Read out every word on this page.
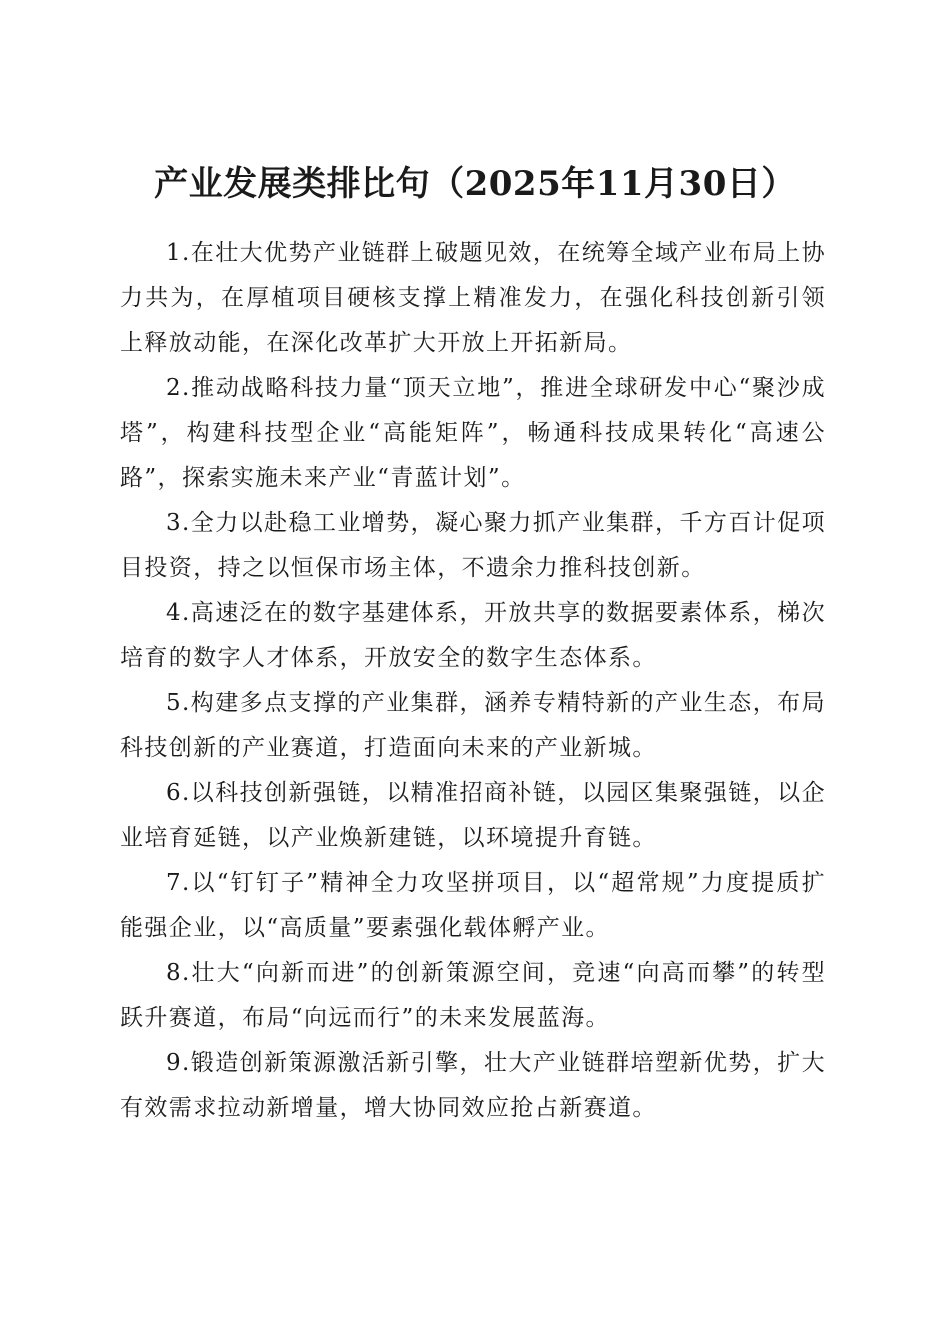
产业发展类排比句（2025年11月30日）

1.在壮大优势产业链群上破题见效，在统筹全域产业布局上协力共为，在厚植项目硬核支撑上精准发力，在强化科技创新引领上释放动能，在深化改革扩大开放上开拓新局。

2.推动战略科技力量“顶天立地”，推进全球研发中心“聚沙成塔”，构建科技型企业“高能矩阵”，畅通科技成果转化“高速公路”，探索实施未来产业“青蓝计划”。

3.全力以赴稳工业增势，凝心聚力抓产业集群，千方百计促项目投资，持之以恒保市场主体，不遗余力推科技创新。

4.高速泛在的数字基建体系，开放共享的数据要素体系，梯次培育的数字人才体系，开放安全的数字生态体系。

5.构建多点支撑的产业集群，涵养专精特新的产业生态，布局科技创新的产业赛道，打造面向未来的产业新城。

6.以科技创新强链，以精准招商补链，以园区集聚强链，以企业培育延链，以产业焕新建链，以环境提升育链。

7.以“钉钉子”精神全力攻坚拼项目，以“超常规”力度提质扩能强企业，以“高质量”要素强化载体孵产业。

8.壮大“向新而进”的创新策源空间，竞速“向高而攀”的转型跃升赛道，布局“向远而行”的未来发展蓝海。

9.锻造创新策源激活新引擎，壮大产业链群培塑新优势，扩大有效需求拉动新增量，增大协同效应抢占新赛道。
